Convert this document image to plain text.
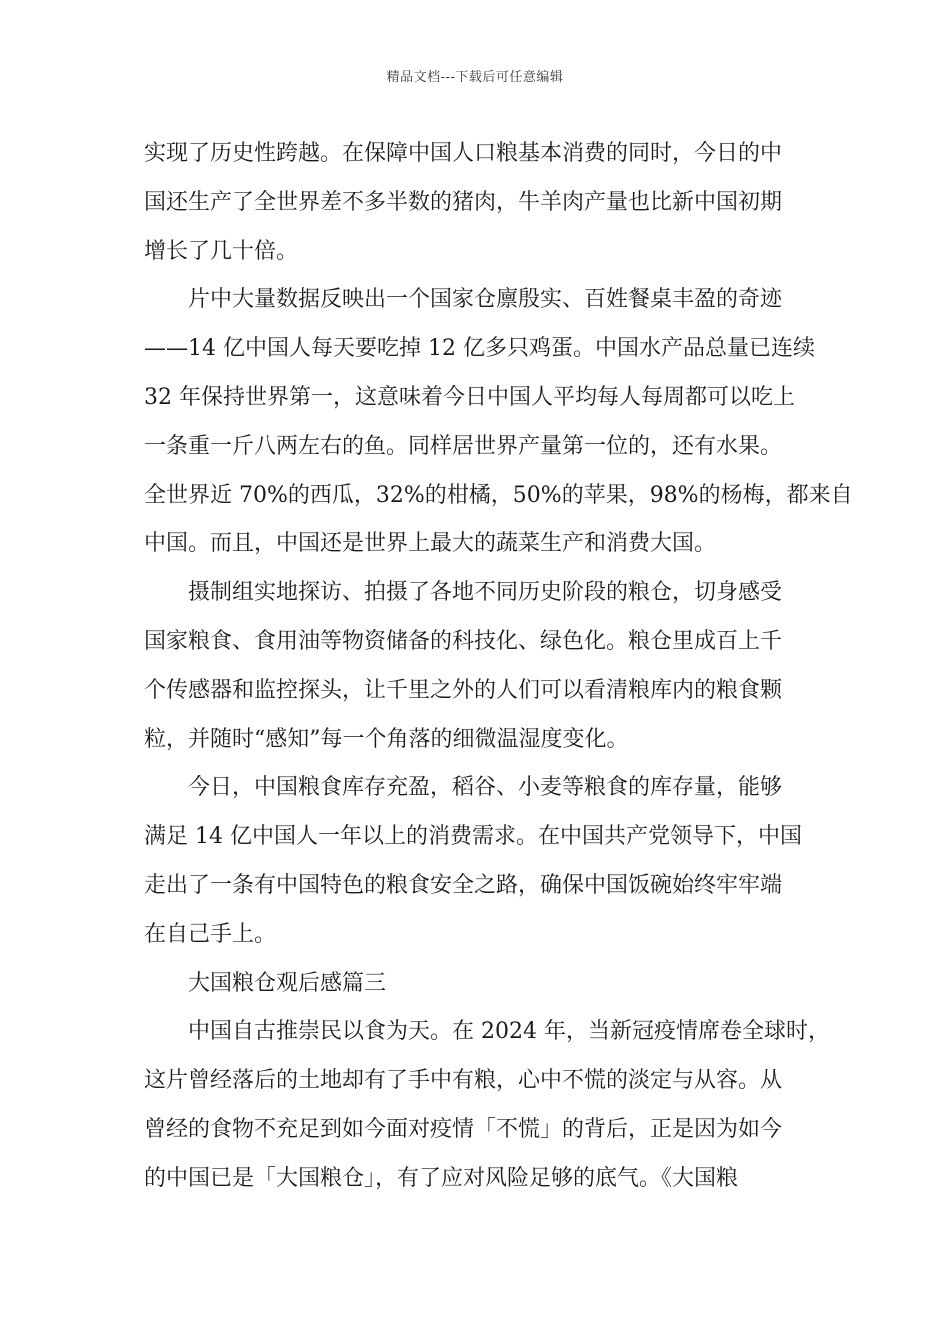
精品文档---下载后可任意编辑

实现了历史性跨越。在保障中国人口粮基本消费的同时，今日的中
国还生产了全世界差不多半数的猪肉，牛羊肉产量也比新中国初期
增长了几十倍。

片中大量数据反映出一个国家仓廪殷实、百姓餐桌丰盈的奇迹
——14 亿中国人每天要吃掉 12 亿多只鸡蛋。中国水产品总量已连续
32 年保持世界第一，这意味着今日中国人平均每人每周都可以吃上
一条重一斤八两左右的鱼。同样居世界产量第一位的，还有水果。
全世界近 70%的西瓜，32%的柑橘，50%的苹果，98%的杨梅，都来自
中国。而且，中国还是世界上最大的蔬菜生产和消费大国。

摄制组实地探访、拍摄了各地不同历史阶段的粮仓，切身感受
国家粮食、食用油等物资储备的科技化、绿色化。粮仓里成百上千
个传感器和监控探头，让千里之外的人们可以看清粮库内的粮食颗
粒，并随时“感知”每一个角落的细微温湿度变化。

今日，中国粮食库存充盈，稻谷、小麦等粮食的库存量，能够
满足 14 亿中国人一年以上的消费需求。在中国共产党领导下，中国
走出了一条有中国特色的粮食安全之路，确保中国饭碗始终牢牢端
在自己手上。

大国粮仓观后感篇三

中国自古推崇民以食为天。在 2024 年，当新冠疫情席卷全球时，
这片曾经落后的土地却有了手中有粮，心中不慌的淡定与从容。从
曾经的食物不充足到如今面对疫情「不慌」的背后，正是因为如今
的中国已是「大国粮仓」，有了应对风险足够的底气。《大国粮
